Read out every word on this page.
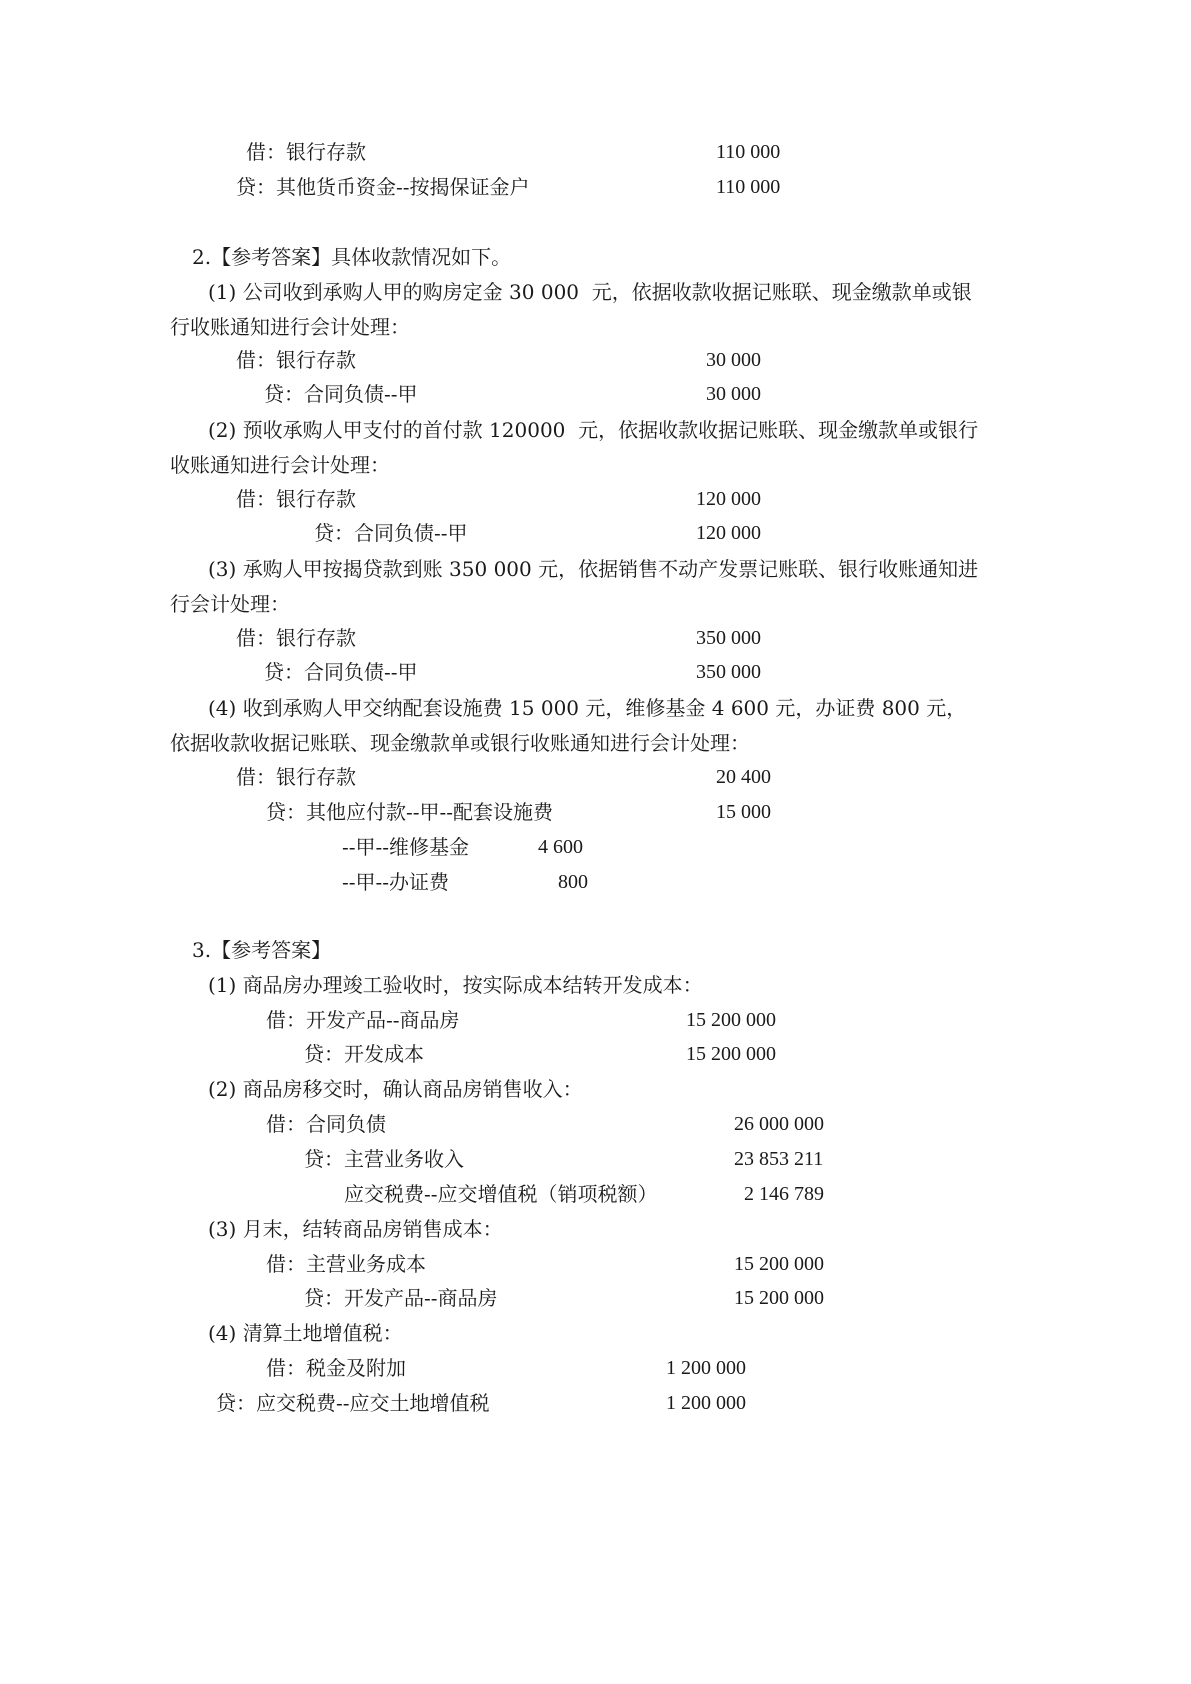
借：银行存款	110 000
贷：其他货币资金--按揭保证金户	110 000
2.【参考答案】具体收款情况如下。
(1) 公司收到承购人甲的购房定金 30 000  元，依据收款收据记账联、现金缴款单或银
行收账通知进行会计处理：
借：银行存款	30 000
贷：合同负债--甲	30 000
(2) 预收承购人甲支付的首付款 120000  元，依据收款收据记账联、现金缴款单或银行
收账通知进行会计处理：
借：银行存款	120 000
贷：合同负债--甲	120 000
(3) 承购人甲按揭贷款到账 350 000 元，依据销售不动产发票记账联、银行收账通知进
行会计处理：
借：银行存款	350 000
贷：合同负债--甲	350 000
(4) 收到承购人甲交纳配套设施费 15 000 元，维修基金 4 600 元，办证费 800 元，
依据收款收据记账联、现金缴款单或银行收账通知进行会计处理：
借：银行存款	20 400
贷：其他应付款--甲--配套设施费	15 000
--甲--维修基金	4 600
--甲--办证费	800
3.【参考答案】
(1) 商品房办理竣工验收时，按实际成本结转开发成本：
借：开发产品--商品房	15 200 000
贷：开发成本	15 200 000
(2) 商品房移交时，确认商品房销售收入：
借：合同负债	26 000 000
贷：主营业务收入	23 853 211
应交税费--应交增值税（销项税额）	2 146 789
(3) 月末，结转商品房销售成本：
借：主营业务成本	15 200 000
贷：开发产品--商品房	15 200 000
(4) 清算土地增值税：
借：税金及附加	1 200 000
贷：应交税费--应交土地增值税	1 200 000
